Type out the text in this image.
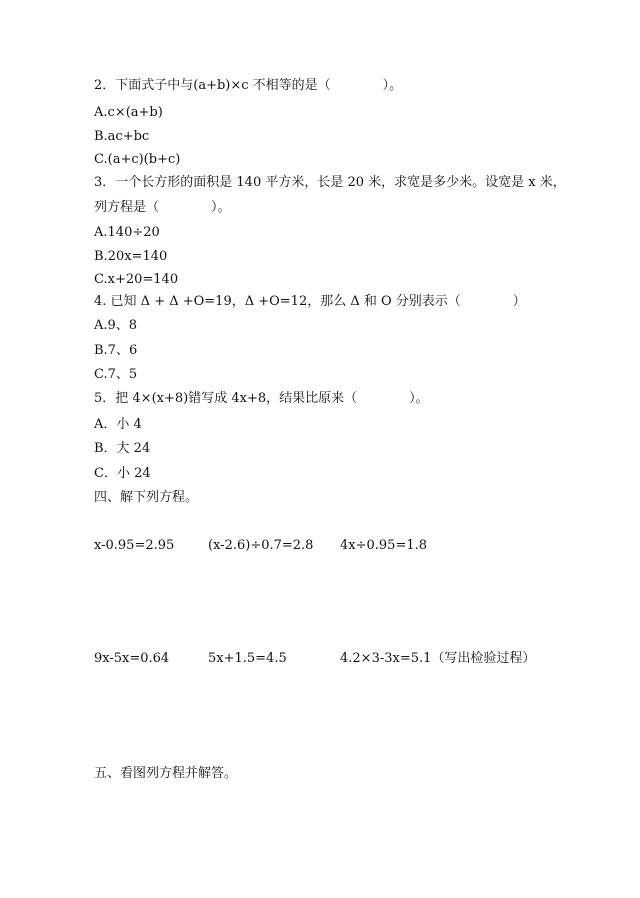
2．下面式子中与(a+b)×c 不相等的是（　　　　）。
A.c×(a+b)
B.ac+bc
C.(a+c)(b+c)
3．一个长方形的面积是 140 平方米，长是 20 米，求宽是多少米。设宽是 x 米，
列方程是（　　　　）。
A.140÷20
B.20x=140
C.x+20=140
4. 已知 Δ + Δ +O=19，Δ +O=12，那么 Δ 和 O 分别表示（　　　　）
A.9、8
B.7、6
C.7、5
5．把 4×(x+8)错写成 4x+8，结果比原来（　　　　）。
A．小 4
B．大 24
C．小 24
四、解下列方程。
x-0.95=2.95	(x-2.6)÷0.7=2.8 4x÷0.95=1.8
9x-5x=0.64	5x+1.5=4.5	4.2×3-3x=5.1（写出检验过程）
五、看图列方程并解答。
